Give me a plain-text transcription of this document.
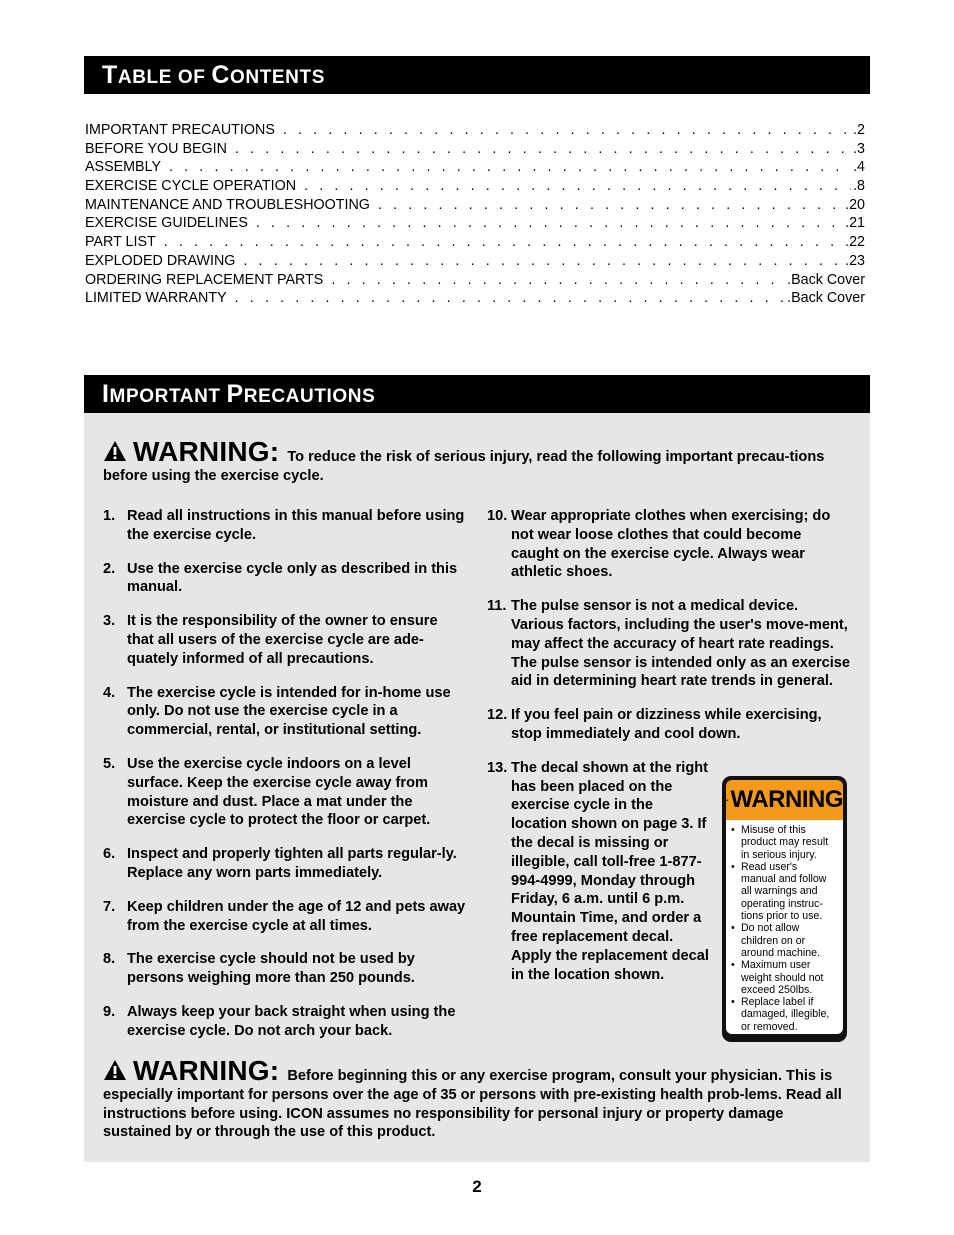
TABLE OF CONTENTS
IMPORTANT PRECAUTIONS . . .	.2
BEFORE YOU BEGIN . . .	.3
ASSEMBLY . . .	.4
EXERCISE CYCLE OPERATION . . .	.8
MAINTENANCE AND TROUBLESHOOTING . . .	.20
EXERCISE GUIDELINES . . .	.21
PART LIST . . .	.22
EXPLODED DRAWING . . .	.23
ORDERING REPLACEMENT PARTS . . .	.Back Cover
LIMITED WARRANTY . . .	.Back Cover
IMPORTANT PRECAUTIONS
WARNING: To reduce the risk of serious injury, read the following important precau-tions before using the exercise cycle.
1. Read all instructions in this manual before using the exercise cycle.
2. Use the exercise cycle only as described in this manual.
3. It is the responsibility of the owner to ensure that all users of the exercise cycle are ade-quately informed of all precautions.
4. The exercise cycle is intended for in-home use only. Do not use the exercise cycle in a commercial, rental, or institutional setting.
5. Use the exercise cycle indoors on a level surface. Keep the exercise cycle away from moisture and dust. Place a mat under the exercise cycle to protect the floor or carpet.
6. Inspect and properly tighten all parts regular-ly. Replace any worn parts immediately.
7. Keep children under the age of 12 and pets away from the exercise cycle at all times.
8. The exercise cycle should not be used by persons weighing more than 250 pounds.
9. Always keep your back straight when using the exercise cycle. Do not arch your back.
10. Wear appropriate clothes when exercising; do not wear loose clothes that could become caught on the exercise cycle. Always wear athletic shoes.
11. The pulse sensor is not a medical device. Various factors, including the user's move-ment, may affect the accuracy of heart rate readings. The pulse sensor is intended only as an exercise aid in determining heart rate trends in general.
12. If you feel pain or dizziness while exercising, stop immediately and cool down.
13. The decal shown at the right has been placed on the exercise cycle in the location shown on page 3. If the decal is missing or illegible, call toll-free 1-877-994-4999, Monday through Friday, 6 a.m. until 6 p.m. Mountain Time, and order a free replacement decal. Apply the replacement decal in the location shown.
WARNING
• Misuse of this
product may result
in serious injury.
• Read user's
manual and follow
all warnings and
operating instruc-
tions prior to use.
• Do not allow
children on or
around machine.
• Maximum user
weight should not
exceed 250lbs.
• Replace label if
damaged, illegible,
or removed.
WARNING: Before beginning this or any exercise program, consult your physician. This is especially important for persons over the age of 35 or persons with pre-existing health prob-lems. Read all instructions before using. ICON assumes no responsibility for personal injury or property damage sustained by or through the use of this product.
2
